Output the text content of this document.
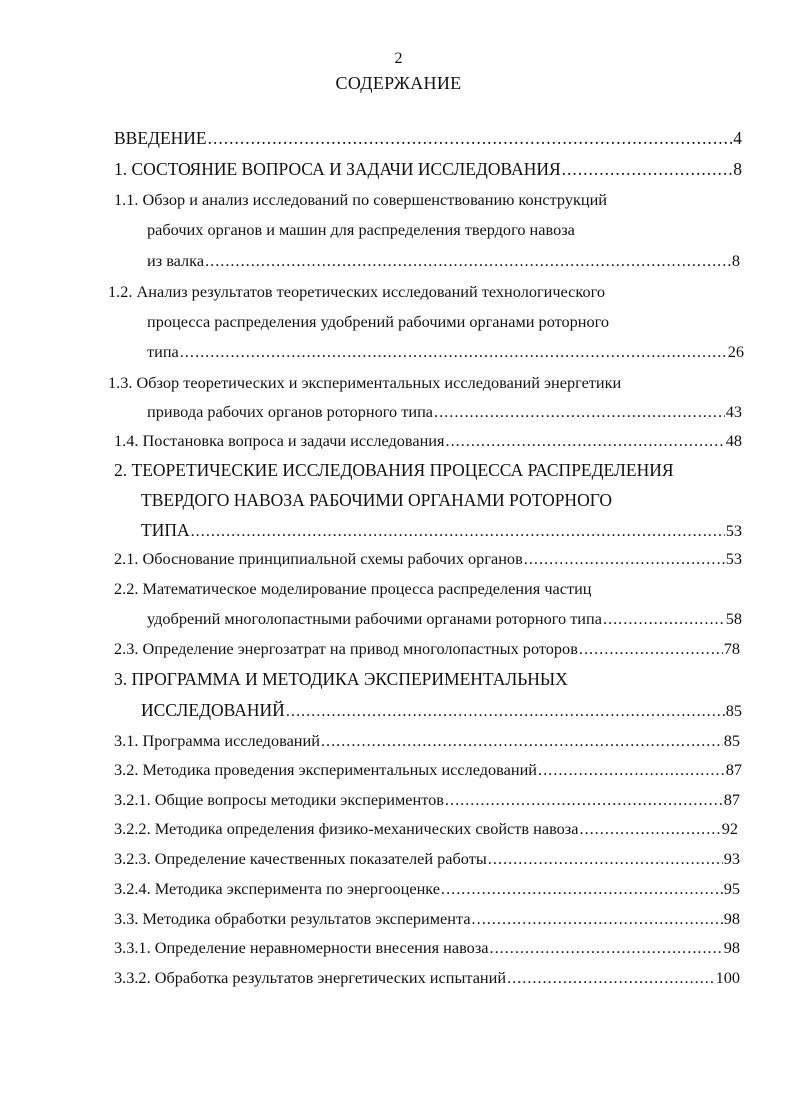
2
СОДЕРЖАНИЕ
ВВЕДЕНИЕ .....	4
1. СОСТОЯНИЕ ВОПРОСА И ЗАДАЧИ ИССЛЕДОВАНИЯ .....	8
1.1. Обзор и анализ исследований по совершенствованию конструкций
рабочих органов и машин для распределения твердого навоза
из валка .....	8
1.2. Анализ результатов теоретических исследований технологического
процесса распределения удобрений рабочими органами роторного
типа .....	26
1.3. Обзор теоретических и экспериментальных исследований энергетики
привода рабочих органов роторного типа .....	43
1.4. Постановка вопроса и задачи исследования .....	48
2. ТЕОРЕТИЧЕСКИЕ ИССЛЕДОВАНИЯ ПРОЦЕССА РАСПРЕДЕЛЕНИЯ
ТВЕРДОГО НАВОЗА РАБОЧИМИ ОРГАНАМИ РОТОРНОГО
ТИПА .....	53
2.1. Обоснование принципиальной схемы рабочих органов .....	53
2.2. Математическое моделирование процесса распределения частиц
удобрений многолопастными рабочими органами роторного типа .....	58
2.3. Определение энергозатрат на привод многолопастных роторов .....	78
3. ПРОГРАММА И МЕТОДИКА ЭКСПЕРИМЕНТАЛЬНЫХ
ИССЛЕДОВАНИЙ .....	85
3.1. Программа исследований .....	85
3.2. Методика проведения экспериментальных исследований .....	87
3.2.1. Общие вопросы методики экспериментов .....	87
3.2.2. Методика определения физико-механических свойств навоза .....	92
3.2.3. Определение качественных показателей работы .....	93
3.2.4. Методика эксперимента по энергооценке .....	95
3.3. Методика обработки результатов эксперимента .....	98
3.3.1. Определение неравномерности внесения навоза .....	98
3.3.2. Обработка результатов энергетических испытаний .....	100
